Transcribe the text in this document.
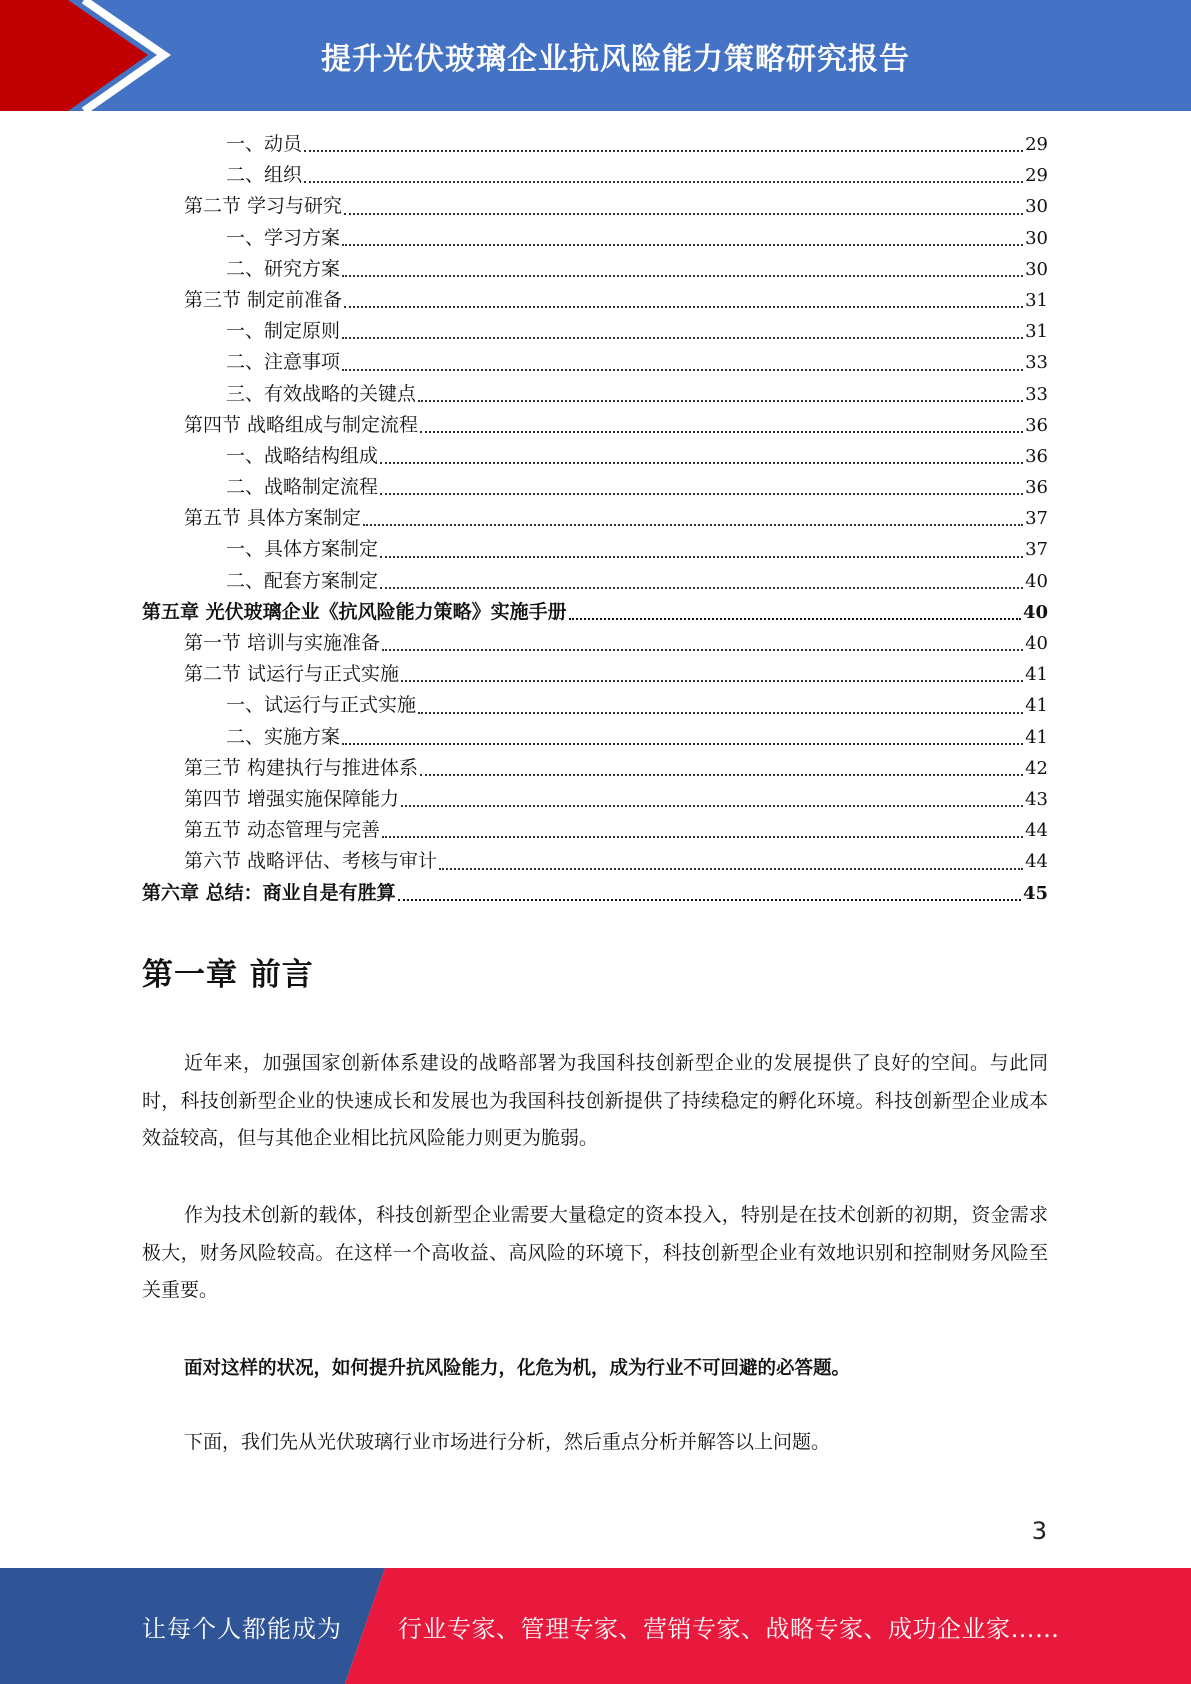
提升光伏玻璃企业抗风险能力策略研究报告
一、动员	29
二、组织	29
第二节 学习与研究	30
一、学习方案	30
二、研究方案	30
第三节 制定前准备	31
一、制定原则	31
二、注意事项	33
三、有效战略的关键点	33
第四节 战略组成与制定流程	36
一、战略结构组成	36
二、战略制定流程	36
第五节 具体方案制定	37
一、具体方案制定	37
二、配套方案制定	40
第五章 光伏玻璃企业《抗风险能力策略》实施手册	40
第一节 培训与实施准备	40
第二节 试运行与正式实施	41
一、试运行与正式实施	41
二、实施方案	41
第三节 构建执行与推进体系	42
第四节 增强实施保障能力	43
第五节 动态管理与完善	44
第六节 战略评估、考核与审计	44
第六章 总结：商业自是有胜算	45
第一章 前言

近年来，加强国家创新体系建设的战略部署为我国科技创新型企业的发展提供了良好的空间。与此同时，科技创新型企业的快速成长和发展也为我国科技创新提供了持续稳定的孵化环境。科技创新型企业成本效益较高，但与其他企业相比抗风险能力则更为脆弱。

作为技术创新的载体，科技创新型企业需要大量稳定的资本投入，特别是在技术创新的初期，资金需求极大，财务风险较高。在这样一个高收益、高风险的环境下，科技创新型企业有效地识别和控制财务风险至关重要。

面对这样的状况，如何提升抗风险能力，化危为机，成为行业不可回避的必答题。

下面，我们先从光伏玻璃行业市场进行分析，然后重点分析并解答以上问题。

3
让每个人都能成为 行业专家、管理专家、营销专家、战略专家、成功企业家……
